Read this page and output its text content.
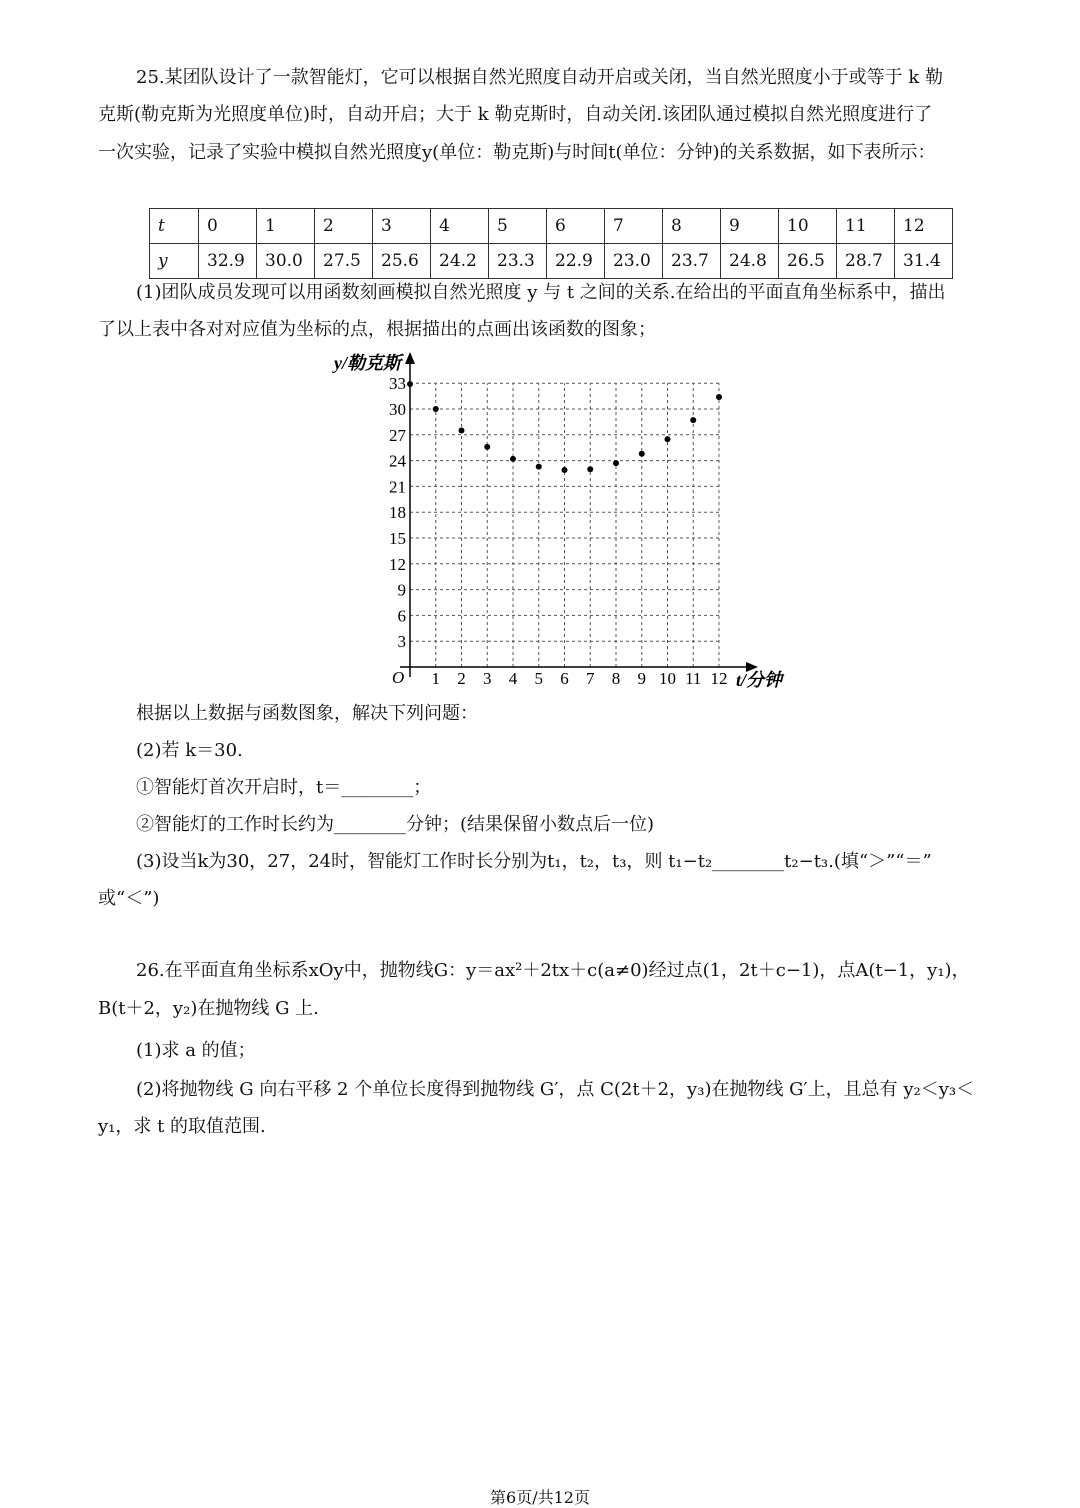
25.某团队设计了一款智能灯，它可以根据自然光照度自动开启或关闭，当自然光照度小于或等于 k 勒
克斯(勒克斯为光照度单位)时，自动开启；大于 k 勒克斯时，自动关闭.该团队通过模拟自然光照度进行了
一次实验，记录了实验中模拟自然光照度y(单位：勒克斯)与时间t(单位：分钟)的关系数据，如下表所示：
t	0	1	2	3	4	5	6	7	8	9	10	11	12
y	32.9	30.0	27.5	25.6	24.2	23.3	22.9	23.0	23.7	24.8	26.5	28.7	31.4
(1)团队成员发现可以用函数刻画模拟自然光照度 y 与 t 之间的关系.在给出的平面直角坐标系中，描出
了以上表中各对对应值为坐标的点，根据描出的点画出该函数的图象；
y/勒克斯
t/分钟
O 1 2 3 4 5 6 7 8 9 10 11 12
3
6
9
12
15
18
21
24
27
30
33
根据以上数据与函数图象，解决下列问题：
(2)若 k＝30.
①智能灯首次开启时，t＝________；
②智能灯的工作时长约为________分钟；(结果保留小数点后一位)
(3)设当k为30，27，24时，智能灯工作时长分别为t₁，t₂，t₃，则 t₁−t₂________t₂−t₃.(填“＞”“＝”
或“＜”)
26.在平面直角坐标系xOy中，抛物线G：y＝ax²＋2tx＋c(a≠0)经过点(1，2t＋c−1)，点A(t−1，y₁)，
B(t＋2，y₂)在抛物线 G 上.
(1)求 a 的值；
(2)将抛物线 G 向右平移 2 个单位长度得到抛物线 G′，点 C(2t＋2，y₃)在抛物线 G′上，且总有 y₂＜y₃＜
y₁，求 t 的取值范围.
第6页/共12页
